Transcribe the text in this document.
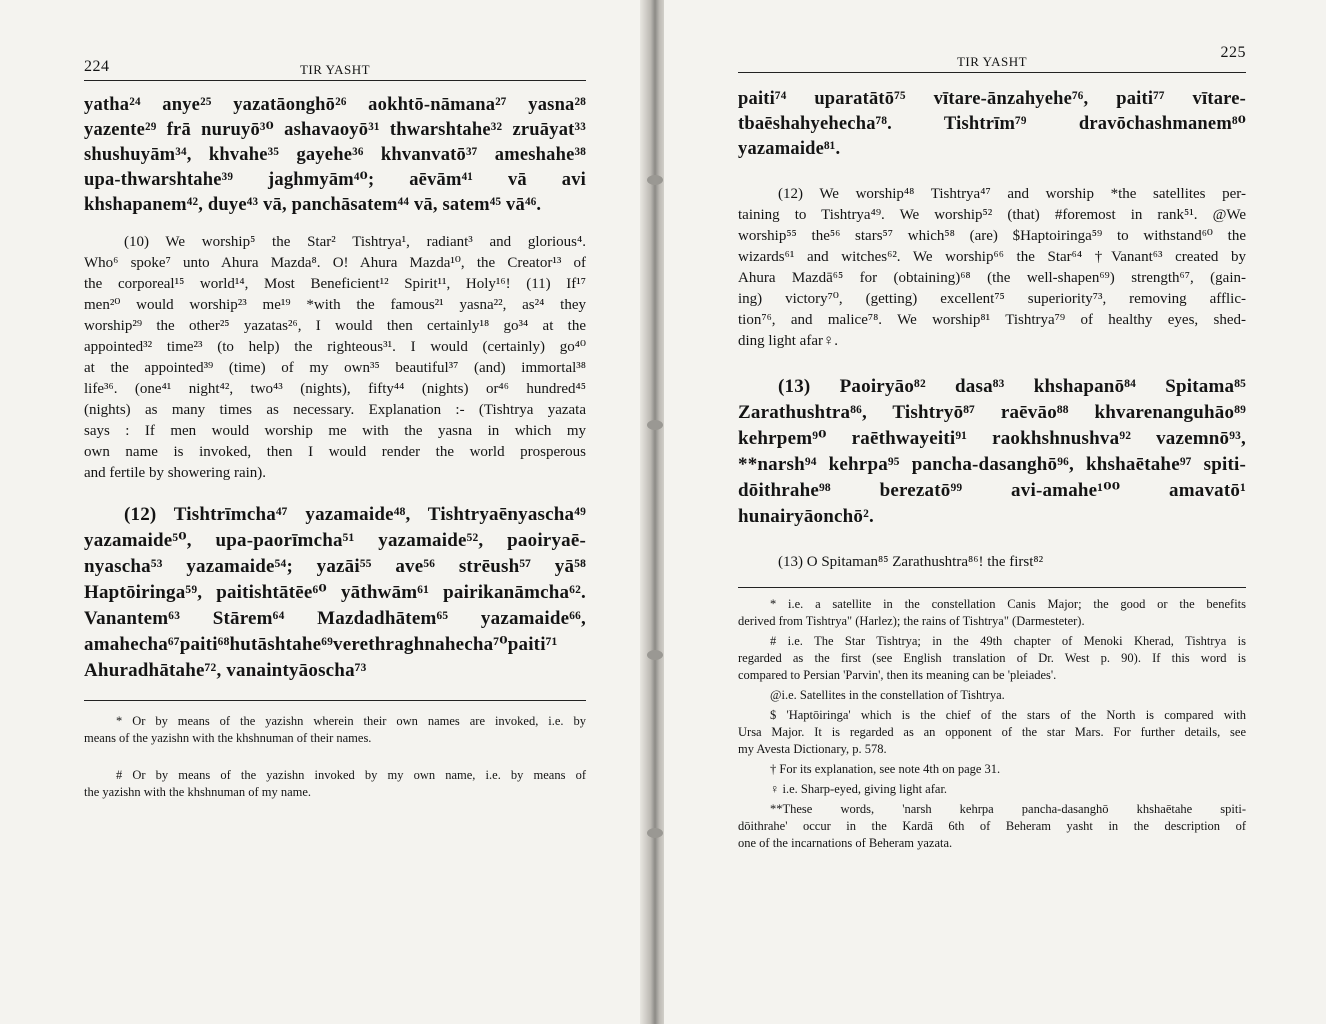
224	TIR YASHT
yatha²⁴ anye²⁵ yazatāonghō²⁶ aokhtō-nāmana²⁷ yasna²⁸
yazente²⁹ frā nuruyō³⁰ ashavaoyō³¹ thwarshtahe³² zruāyat³³
shushuyām³⁴, khvahe³⁵ gayehe³⁶ khvanvatō³⁷ ameshahe³⁸
upa-thwarshtahe³⁹ jaghmyām⁴⁰; aēvām⁴¹ vā avi
khshapanem⁴², duye⁴³ vā, panchāsatem⁴⁴ vā, satem⁴⁵ vā⁴⁶.
(10) We worship⁵ the Star² Tishtrya¹, radiant³ and glorious⁴.
Who⁶ spoke⁷ unto Ahura Mazda⁸. O! Ahura Mazda¹⁰, the Creator¹³ of
the corporeal¹⁵ world¹⁴, Most Beneficient¹² Spirit¹¹, Holy¹⁶! (11) If¹⁷
men²⁰ would worship²³ me¹⁹ *with the famous²¹ yasna²², as²⁴ they
worship²⁹ the other²⁵ yazatas²⁶, I would then certainly¹⁸ go³⁴ at the
appointed³² time²³ (to help) the righteous³¹. I would (certainly) go⁴⁰
at the appointed³⁹ (time) of my own³⁵ beautiful³⁷ (and) immortal³⁸
life³⁶. (one⁴¹ night⁴², two⁴³ (nights), fifty⁴⁴ (nights) or⁴⁶ hundred⁴⁵
(nights) as many times as necessary. Explanation :- (Tishtrya yazata
says : If men would worship me with the yasna in which my
own name is invoked, then I would render the world prosperous
and fertile by showering rain).
(12) Tishtrīmcha⁴⁷ yazamaide⁴⁸, Tishtryaēnyascha⁴⁹
yazamaide⁵⁰, upa-paorīmcha⁵¹ yazamaide⁵², paoiryaē-
nyascha⁵³ yazamaide⁵⁴; yazāi⁵⁵ ave⁵⁶ strēush⁵⁷ yā⁵⁸
Haptōiringa⁵⁹, paitishtātēe⁶⁰ yāthwām⁶¹ pairikanāmcha⁶².
Vanantem⁶³ Stārem⁶⁴ Mazdadhātem⁶⁵ yazamaide⁶⁶,
amahecha⁶⁷paiti⁶⁸hutāshtahe⁶⁹verethraghnahecha⁷⁰paiti⁷¹
Ahuradhātahe⁷², vanaintyāoscha⁷³
* Or by means of the yazishn wherein their own names are invoked, i.e. by
means of the yazishn with the khshnuman of their names.
# Or by means of the yazishn invoked by my own name, i.e. by means of
the yazishn with the khshnuman of my name.
TIR YASHT
225
paiti⁷⁴ uparatātō⁷⁵ vītare-ānzahyehe⁷⁶, paiti⁷⁷ vītare-
tbaēshahyehecha⁷⁸. Tishtrīm⁷⁹ dravōchashmanem⁸⁰
yazamaide⁸¹.
(12) We worship⁴⁸ Tishtrya⁴⁷ and worship *the satellites per-
taining to Tishtrya⁴⁹. We worship⁵² (that) #foremost in rank⁵¹. @We
worship⁵⁵ the⁵⁶ stars⁵⁷ which⁵⁸ (are) $Haptoiringa⁵⁹ to withstand⁶⁰ the
wizards⁶¹ and witches⁶². We worship⁶⁶ the Star⁶⁴ †Vanant⁶³ created by
Ahura Mazdā⁶⁵ for (obtaining)⁶⁸ (the well-shapen⁶⁹) strength⁶⁷, (gain-
ing) victory⁷⁰, (getting) excellent⁷⁵ superiority⁷³, removing afflic-
tion⁷⁶, and malice⁷⁸. We worship⁸¹ Tishtrya⁷⁹ of healthy eyes, shed-
ding light afar♀.
(13) Paoiryāo⁸² dasa⁸³ khshapanō⁸⁴ Spitama⁸⁵
Zarathushtra⁸⁶, Tishtryō⁸⁷ raēvāo⁸⁸ khvarenanguhāo⁸⁹
kehrpem⁹⁰ raēthwayeiti⁹¹ raokhshnushva⁹² vazemnō⁹³,
**narsh⁹⁴ kehrpa⁹⁵ pancha-dasanghō⁹⁶, khshaētahe⁹⁷ spiti-
dōithrahe⁹⁸ berezatō⁹⁹ avi-amahe¹⁰⁰ amavatō¹
hunairyāonchō².
(13) O Spitaman⁸⁵ Zarathushtra⁸⁶! the first⁸²
* i.e. a satellite in the constellation Canis Major; the good or the benefits
derived from Tishtrya" (Harlez); the rains of Tishtrya" (Darmesteter).
# i.e. The Star Tishtrya; in the 49th chapter of Menoki Kherad, Tishtrya is
regarded as the first (see English translation of Dr. West p. 90). If this word is
compared to Persian 'Parvin', then its meaning can be 'pleiades'.
@i.e. Satellites in the constellation of Tishtrya.
$ 'Haptōiringa' which is the chief of the stars of the North is compared with
Ursa Major. It is regarded as an opponent of the star Mars. For further details, see
my Avesta Dictionary, p. 578.
† For its explanation, see note 4th on page 31.
♀ i.e. Sharp-eyed, giving light afar.
**These words, 'narsh kehrpa pancha-dasanghō khshaētahe spiti-
dōithrahe' occur in the Kardā 6th of Beheram yasht in the description of
one of the incarnations of Beheram yazata.
